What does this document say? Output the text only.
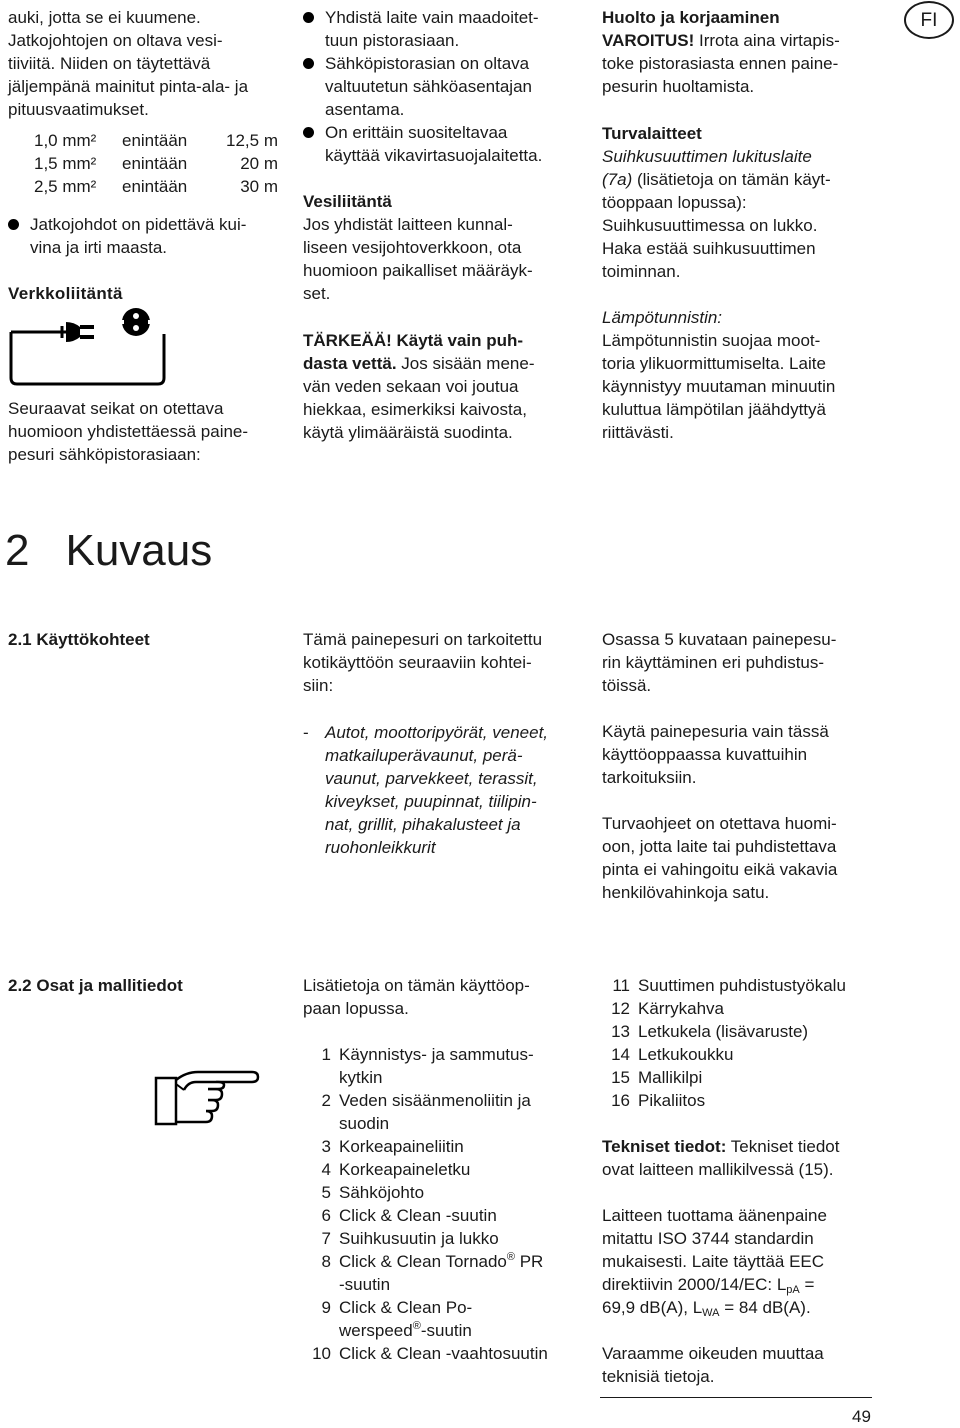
FI

auki, jotta se ei kuumene.

Jatkojohtojen on oltava vesi-

tiiviitä. Niiden on täytettävä

jäljempänä mainitut pinta-ala- ja

pituusvaatimukset.

1,0 mm²	enintään	12,5 m
1,5 mm²	enintään	20 m
2,5 mm²	enintään	30 m

Jatkojohdot on pidettävä kui-

vina ja irti maasta.

Verkkoliitäntä

Seuraavat seikat on otettava

huomioon yhdistettäessä paine-

pesuri sähköpistorasiaan:

Yhdistä laite vain maadoitet-

tuun pistorasiaan.

Sähköpistorasian on oltava

valtuutetun sähköasentajan

asentama.

On erittäin suositeltavaa

käyttää vikavirtasuojalaitetta.

Vesiliitäntä

Jos yhdistät laitteen kunnal-

liseen vesijohtoverkkoon, ota

huomioon paikalliset määräyk-

set.

TÄRKEÄÄ! Käytä vain puh-

dasta vettä. Jos sisään mene-

vän veden sekaan voi joutua

hiekkaa, esimerkiksi kaivosta,

käytä ylimääräistä suodinta.

Huolto ja korjaaminen

VAROITUS! Irrota aina virtapis-

toke pistorasiasta ennen paine-

pesurin huoltamista.

Turvalaitteet

Suihkusuuttimen lukituslaite

(7a) (lisätietoja on tämän käyt-

töoppaan lopussa):

Suihkusuuttimessa on lukko.

Haka estää suihkusuuttimen

toiminnan.

Lämpötunnistin:

Lämpötunnistin suojaa moot-

toria ylikuormittumiselta. Laite

käynnistyy muutaman minuutin

kuluttua lämpötilan jäähdyttyä

riittävästi.

2 Kuvaus
2.1 Käyttökohteet	Tämä painepesuri on tarkoitettu

kotikäyttöön seuraaviin kohtei-

siin:

- Autot, moottoripyörät, veneet,

matkailuperävaunut, perä-

vaunut, parvekkeet, terassit,

kiveykset, puupinnat, tiilipin-

nat, grillit, pihakalusteet ja

ruohonleikkurit

Osassa 5 kuvataan painepesu-

rin käyttäminen eri puhdistus-

töissä.

Käytä painepesuria vain tässä

käyttöoppaassa kuvattuihin

tarkoituksiin.

Turvaohjeet on otettava huomi-

oon, jotta laite tai puhdistettava

pinta ei vahingoitu eikä vakavia

henkilövahinkoja satu.

2.2 Osat ja mallitiedot	Lisätietoja on tämän käyttöop-

paan lopussa.

1 Käynnistys- ja sammutus-

kytkin

2 Veden sisäänmenoliitin ja

suodin

3 Korkeapaineliitin

4 Korkeapaineletku

5 Sähköjohto

6 Click & Clean -suutin

7 Suihkusuutin ja lukko

8 Click & Clean Tornado® PR

-suutin

9 Click & Clean Po-

werspeed®-suutin

10 Click & Clean -vaahtosuutin

11 Suuttimen puhdistustyökalu
12 Kärrykahva
13 Letkukela (lisävaruste)
14 Letkukoukku
15 Mallikilpi
16 Pikaliitos

Tekniset tiedot: Tekniset tiedot

ovat laitteen mallikilvessä (15).

Laitteen tuottama äänenpaine

mitattu ISO 3744 standardin

mukaisesti. Laite täyttää EEC

direktiivin 2000/14/EC: $L_{pA}$ =

69,9 dB(A), $L_{WA} = 84$ dB(A).

Varaamme oikeuden muuttaa

teknisiä tietoja.

49
